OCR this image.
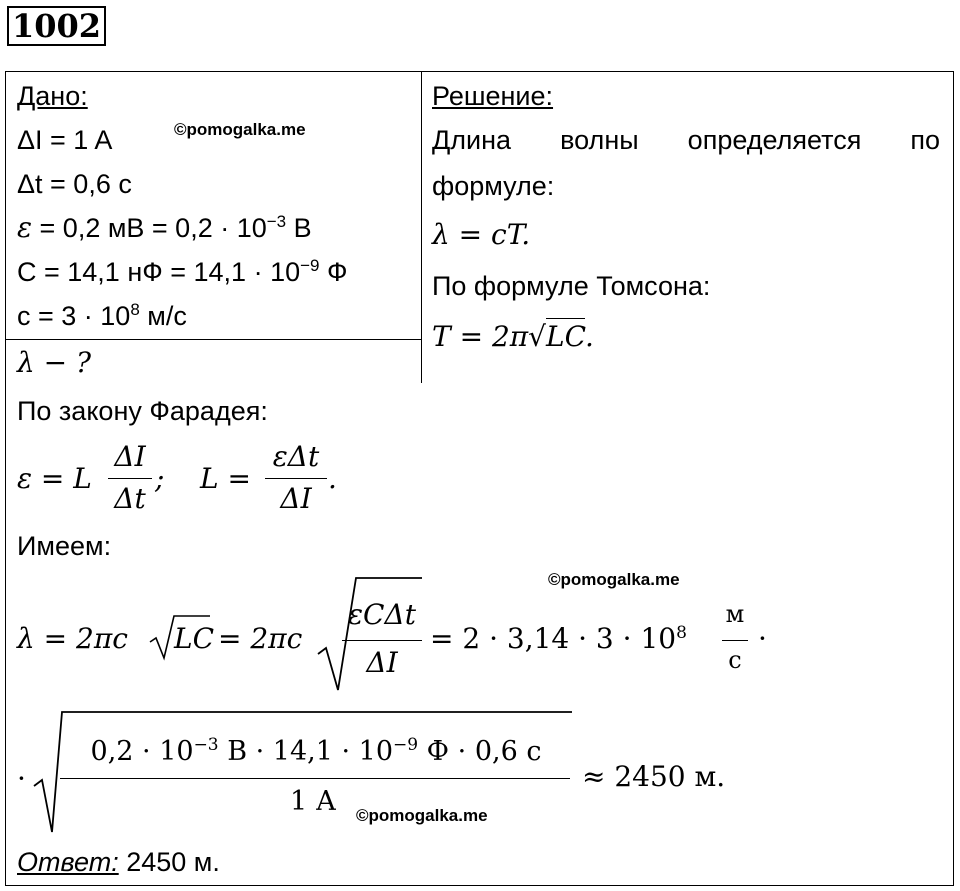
1002
Дано:
ΔI = 1 A	©pomogalka.me
Δt = 0,6 c
ε = 0,2 мВ = $0,2 \cdot 10^{-3}$ В
C = 14,1 нФ = $14,1 \cdot 10^{-9}$ Ф
$c = 3 \cdot 10^8$ м/с
λ − ?
Решение:
Длина волны определяется по
формуле:
λ = cT.
По формуле Томсона:
T = 2π√LC.
По закону Фарадея:
ε = L
ΔI
Δt
; L =
εΔt
ΔI
.
Имеем:
©pomogalka.me
λ = 2πc LC = 2πc
εCΔt
ΔI
= $2 \cdot 3,14 \cdot 3 \cdot 10^8$
м
с
·
·
$0,2 \cdot 10^{-3}$ $В \cdot 14,1 \cdot 10^{-9}$ Ф · 0,6 с
1 А ©pomogalka.me
≈ 2450 м.
Ответ: 2450 м.
